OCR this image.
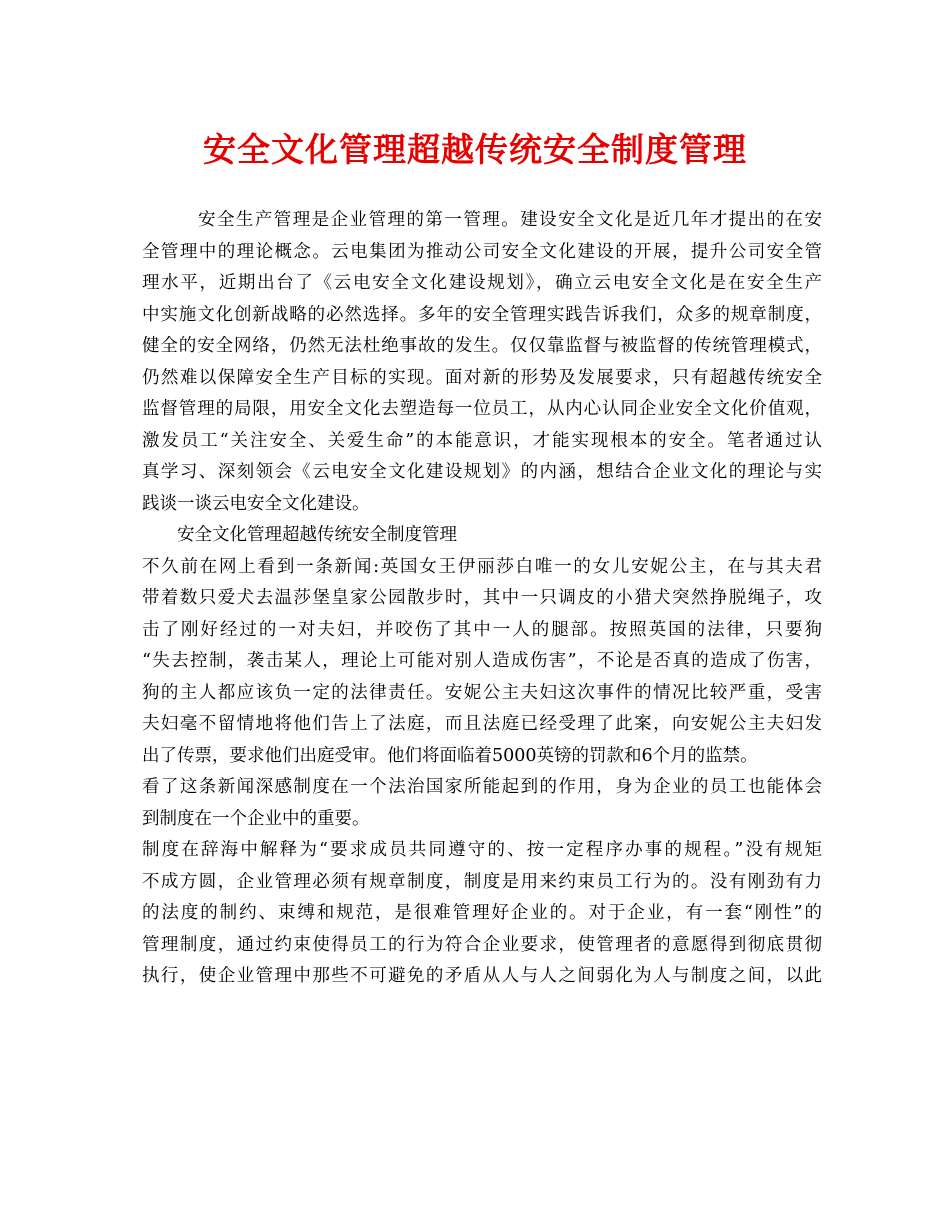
安全文化管理超越传统安全制度管理
安全生产管理是企业管理的第一管理。建设安全文化是近几年才提出的在安
全管理中的理论概念。云电集团为推动公司安全文化建设的开展，提升公司安全管
理水平，近期出台了《云电安全文化建设规划》，确立云电安全文化是在安全生产
中实施文化创新战略的必然选择。多年的安全管理实践告诉我们，众多的规章制度，
健全的安全网络，仍然无法杜绝事故的发生。仅仅靠监督与被监督的传统管理模式，
仍然难以保障安全生产目标的实现。面对新的形势及发展要求，只有超越传统安全
监督管理的局限，用安全文化去塑造每一位员工，从内心认同企业安全文化价值观，
激发员工“关注安全、关爱生命”的本能意识，才能实现根本的安全。笔者通过认
真学习、深刻领会《云电安全文化建设规划》的内涵，想结合企业文化的理论与实
践谈一谈云电安全文化建设。
安全文化管理超越传统安全制度管理
不久前在网上看到一条新闻:英国女王伊丽莎白唯一的女儿安妮公主，在与其夫君
带着数只爱犬去温莎堡皇家公园散步时，其中一只调皮的小猎犬突然挣脱绳子，攻
击了刚好经过的一对夫妇，并咬伤了其中一人的腿部。按照英国的法律，只要狗
“失去控制，袭击某人，理论上可能对别人造成伤害”，不论是否真的造成了伤害，
狗的主人都应该负一定的法律责任。安妮公主夫妇这次事件的情况比较严重，受害
夫妇毫不留情地将他们告上了法庭，而且法庭已经受理了此案，向安妮公主夫妇发
出了传票，要求他们出庭受审。他们将面临着5000英镑的罚款和6个月的监禁。
看了这条新闻深感制度在一个法治国家所能起到的作用，身为企业的员工也能体会
到制度在一个企业中的重要。
制度在辞海中解释为“要求成员共同遵守的、按一定程序办事的规程。”没有规矩
不成方圆，企业管理必须有规章制度，制度是用来约束员工行为的。没有刚劲有力
的法度的制约、束缚和规范，是很难管理好企业的。对于企业，有一套“刚性”的
管理制度，通过约束使得员工的行为符合企业要求，使管理者的意愿得到彻底贯彻
执行，使企业管理中那些不可避免的矛盾从人与人之间弱化为人与制度之间，以此
